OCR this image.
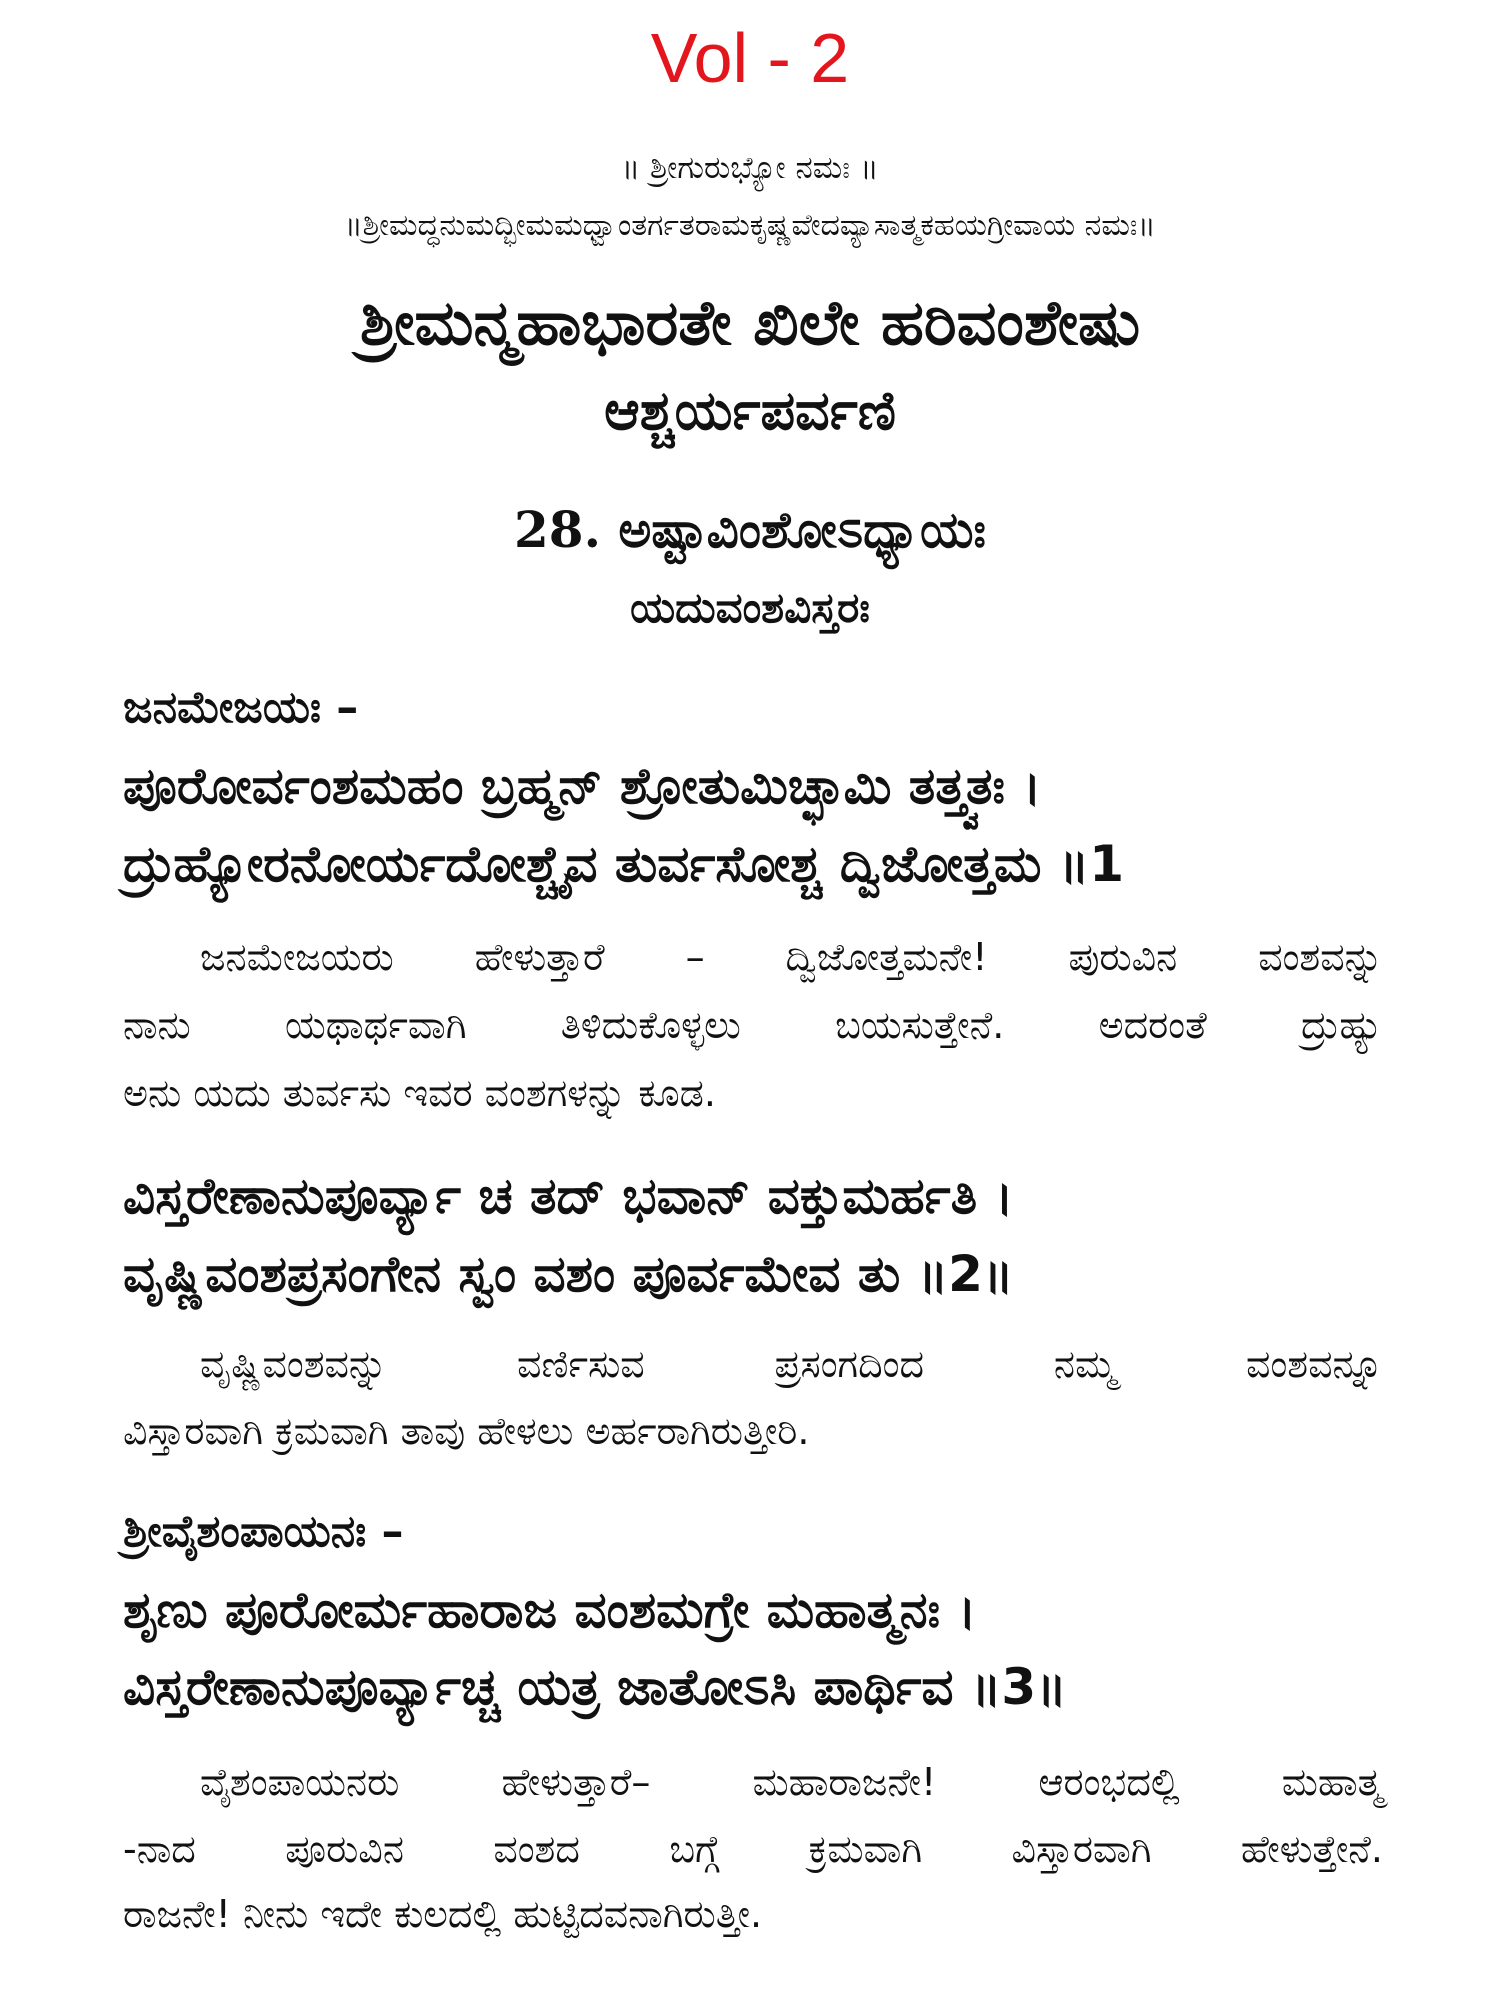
Vol - 2
॥ ಶ್ರೀಗುರುಭ್ಯೋ ನಮಃ ॥
॥ಶ್ರೀಮದ್ಧನುಮದ್ಭೀಮಮಧ್ವಾಂತರ್ಗತರಾಮಕೃಷ್ಣವೇದವ್ಯಾಸಾತ್ಮಕಹಯಗ್ರೀವಾಯ ನಮಃ॥
ಶ್ರೀಮನ್ಮಹಾಭಾರತೇ ಖಿಲೇ ಹರಿವಂಶೇಷು
ಆಶ್ಚರ್ಯಪರ್ವಣಿ
28. ಅಷ್ಟಾವಿಂಶೋಽಧ್ಯಾಯಃ
ಯದುವಂಶವಿಸ್ತರಃ
ಜನಮೇಜಯಃ –
ಪೂರೋರ್ವಂಶಮಹಂ ಬ್ರಹ್ಮನ್ ಶ್ರೋತುಮಿಚ್ಛಾಮಿ ತತ್ತ್ವತಃ ।
ದ್ರುಹ್ಯೋರನೋರ್ಯದೋಶ್ಚೈವ ತುರ್ವಸೋಶ್ಚ ದ್ವಿಜೋತ್ತಮ ॥1
ಜನಮೇಜಯರು ಹೇಳುತ್ತಾರೆ – ದ್ವಿಜೋತ್ತಮನೇ! ಪುರುವಿನ ವಂಶವನ್ನು
ನಾನು ಯಥಾರ್ಥವಾಗಿ ತಿಳಿದುಕೊಳ್ಳಲು ಬಯಸುತ್ತೇನೆ. ಅದರಂತೆ ದ್ರುಹ್ಯು
ಅನು ಯದು ತುರ್ವಸು ಇವರ ವಂಶಗಳನ್ನು ಕೂಡ.
ವಿಸ್ತರೇಣಾನುಪೂರ್ವ್ಯಾ ಚ ತದ್ ಭವಾನ್ ವಕ್ತುಮರ್ಹತಿ ।
ವೃಷ್ಣಿವಂಶಪ್ರಸಂಗೇನ ಸ್ವಂ ವಶಂ ಪೂರ್ವಮೇವ ತು ॥2॥
ವೃಷ್ಣಿವಂಶವನ್ನು ವರ್ಣಿಸುವ ಪ್ರಸಂಗದಿಂದ ನಮ್ಮ ವಂಶವನ್ನೂ
ವಿಸ್ತಾರವಾಗಿ ಕ್ರಮವಾಗಿ ತಾವು ಹೇಳಲು ಅರ್ಹರಾಗಿರುತ್ತೀರಿ.
ಶ್ರೀವೈಶಂಪಾಯನಃ –
ಶೃಣು ಪೂರೋರ್ಮಹಾರಾಜ ವಂಶಮಗ್ರೇ ಮಹಾತ್ಮನಃ ।
ವಿಸ್ತರೇಣಾನುಪೂರ್ವ್ಯಾಚ್ಚ ಯತ್ರ ಜಾತೋಽಸಿ ಪಾರ್ಥಿವ ॥3॥
ವೈಶಂಪಾಯನರು ಹೇಳುತ್ತಾರೆ– ಮಹಾರಾಜನೇ! ಆರಂಭದಲ್ಲಿ ಮಹಾತ್ಮ
-ನಾದ ಪೂರುವಿನ ವಂಶದ ಬಗ್ಗೆ ಕ್ರಮವಾಗಿ ವಿಸ್ತಾರವಾಗಿ ಹೇಳುತ್ತೇನೆ.
ರಾಜನೇ! ನೀನು ಇದೇ ಕುಲದಲ್ಲಿ ಹುಟ್ಟಿದವನಾಗಿರುತ್ತೀ.
